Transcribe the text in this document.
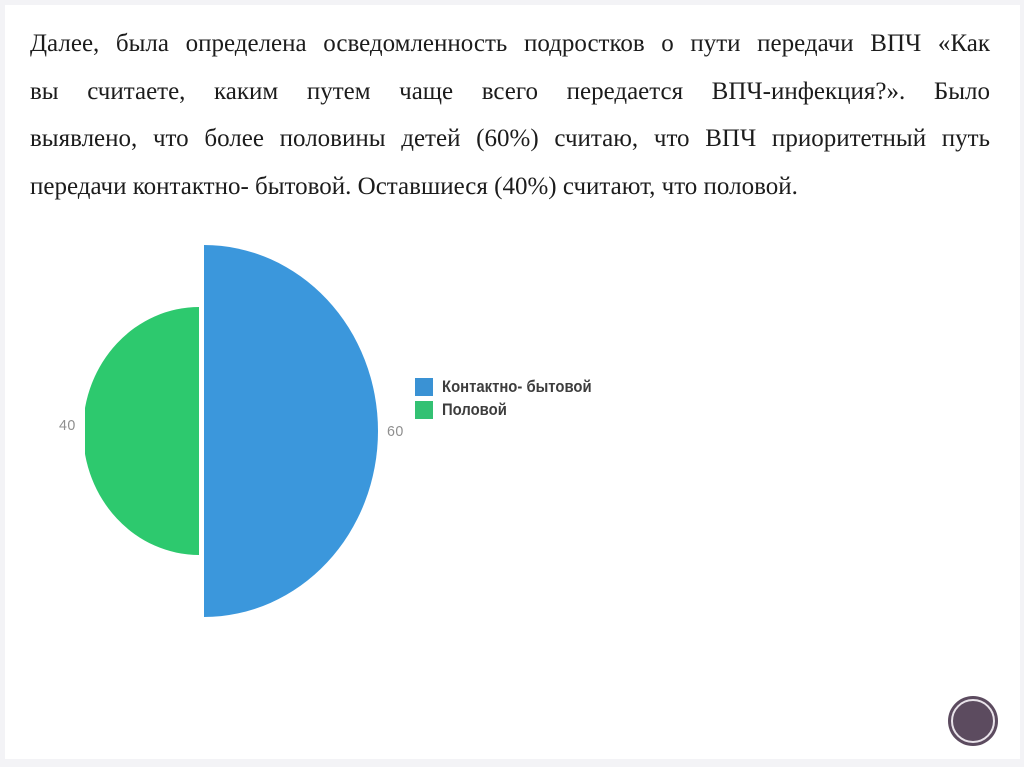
Далее, была определена осведомленность подростков о пути передачи ВПЧ «Как
вы считаете, каким путем чаще всего передается ВПЧ-инфекция?». Было
выявлено, что более половины детей (60%) считаю, что ВПЧ приоритетный путь
передачи контактно- бытовой. Оставшиеся (40%) считают, что половой.
40	60
Контактно- бытовой
Половой
